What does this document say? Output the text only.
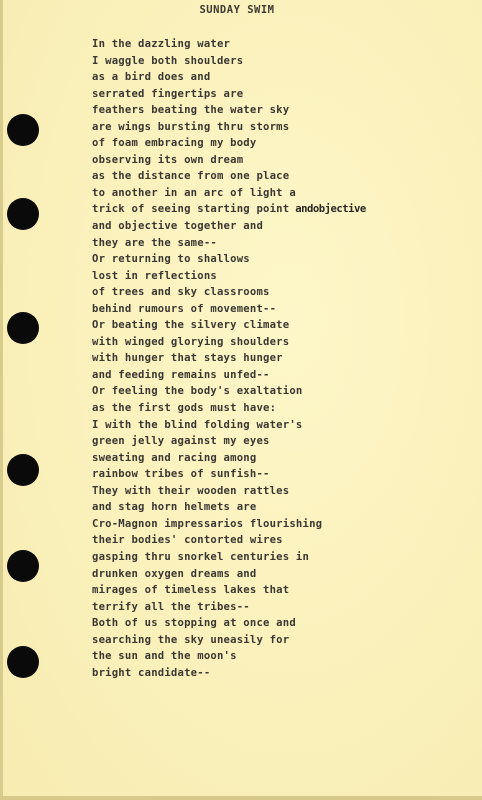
SUNDAY SWIM
In the dazzling water
I waggle both shoulders
as a bird does and
serrated fingertips are
feathers beating the water sky
are wings bursting thru storms
of foam embracing my body
observing its own dream
as the distance from one place
to another in an arc of light a
trick of seeing starting point andobjective
and objective together and
they are the same--
Or returning to shallows
lost in reflections
of trees and sky classrooms
behind rumours of movement--
Or beating the silvery climate
with winged glorying shoulders
with hunger that stays hunger
and feeding remains unfed--
Or feeling the body's exaltation
as the first gods must have:
I with the blind folding water's
green jelly against my eyes
sweating and racing among
rainbow tribes of sunfish--
They with their wooden rattles
and stag horn helmets are
Cro-Magnon impressarios flourishing
their bodies' contorted wires
gasping thru snorkel centuries in
drunken oxygen dreams and
mirages of timeless lakes that
terrify all the tribes--
Both of us stopping at once and
searching the sky uneasily for
the sun and the moon's
bright candidate--
